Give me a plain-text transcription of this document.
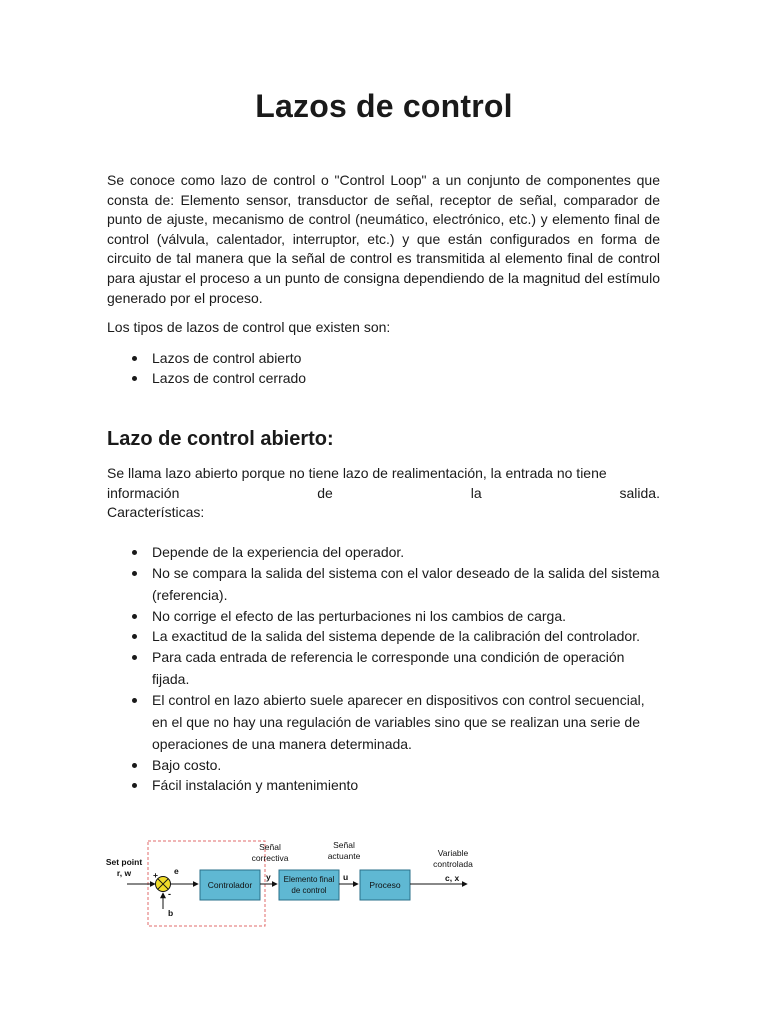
Lazos de control

Se conoce como lazo de control o "Control Loop" a un conjunto de componentes que consta de: Elemento sensor, transductor de señal, receptor de señal, comparador de punto de ajuste, mecanismo de control (neumático, electrónico, etc.) y elemento final de control (válvula, calentador, interruptor, etc.) y que están configurados en forma de circuito de tal manera que la señal de control es transmitida al elemento final de control para ajustar el proceso a un punto de consigna dependiendo de la magnitud del estímulo generado por el proceso.

Los tipos de lazos de control que existen son:

Lazos de control abierto
Lazos de control cerrado
Lazo de control abierto:
Se llama lazo abierto porque no tiene lazo de realimentación, la entrada no tiene
información de la salida.
Características:
Depende de la experiencia del operador.
No se compara la salida del sistema con el valor deseado de la salida del sistema (referencia).
No corrige el efecto de las perturbaciones ni los cambios de carga.
La exactitud de la salida del sistema depende de la calibración del controlador.
Para cada entrada de referencia le corresponde una condición de operación fijada.
El control en lazo abierto suele aparecer en dispositivos con control secuencial, en el que no hay una regulación de variables sino que se realizan una serie de operaciones de una manera determinada.
Bajo costo.
Fácil instalación y mantenimiento
Set point
r, w	+
-
e
b
Controlador
Señal
correctiva
y Elemento final
de control
Señal
actuante
u
Proceso
Variable
controlada
c, x
